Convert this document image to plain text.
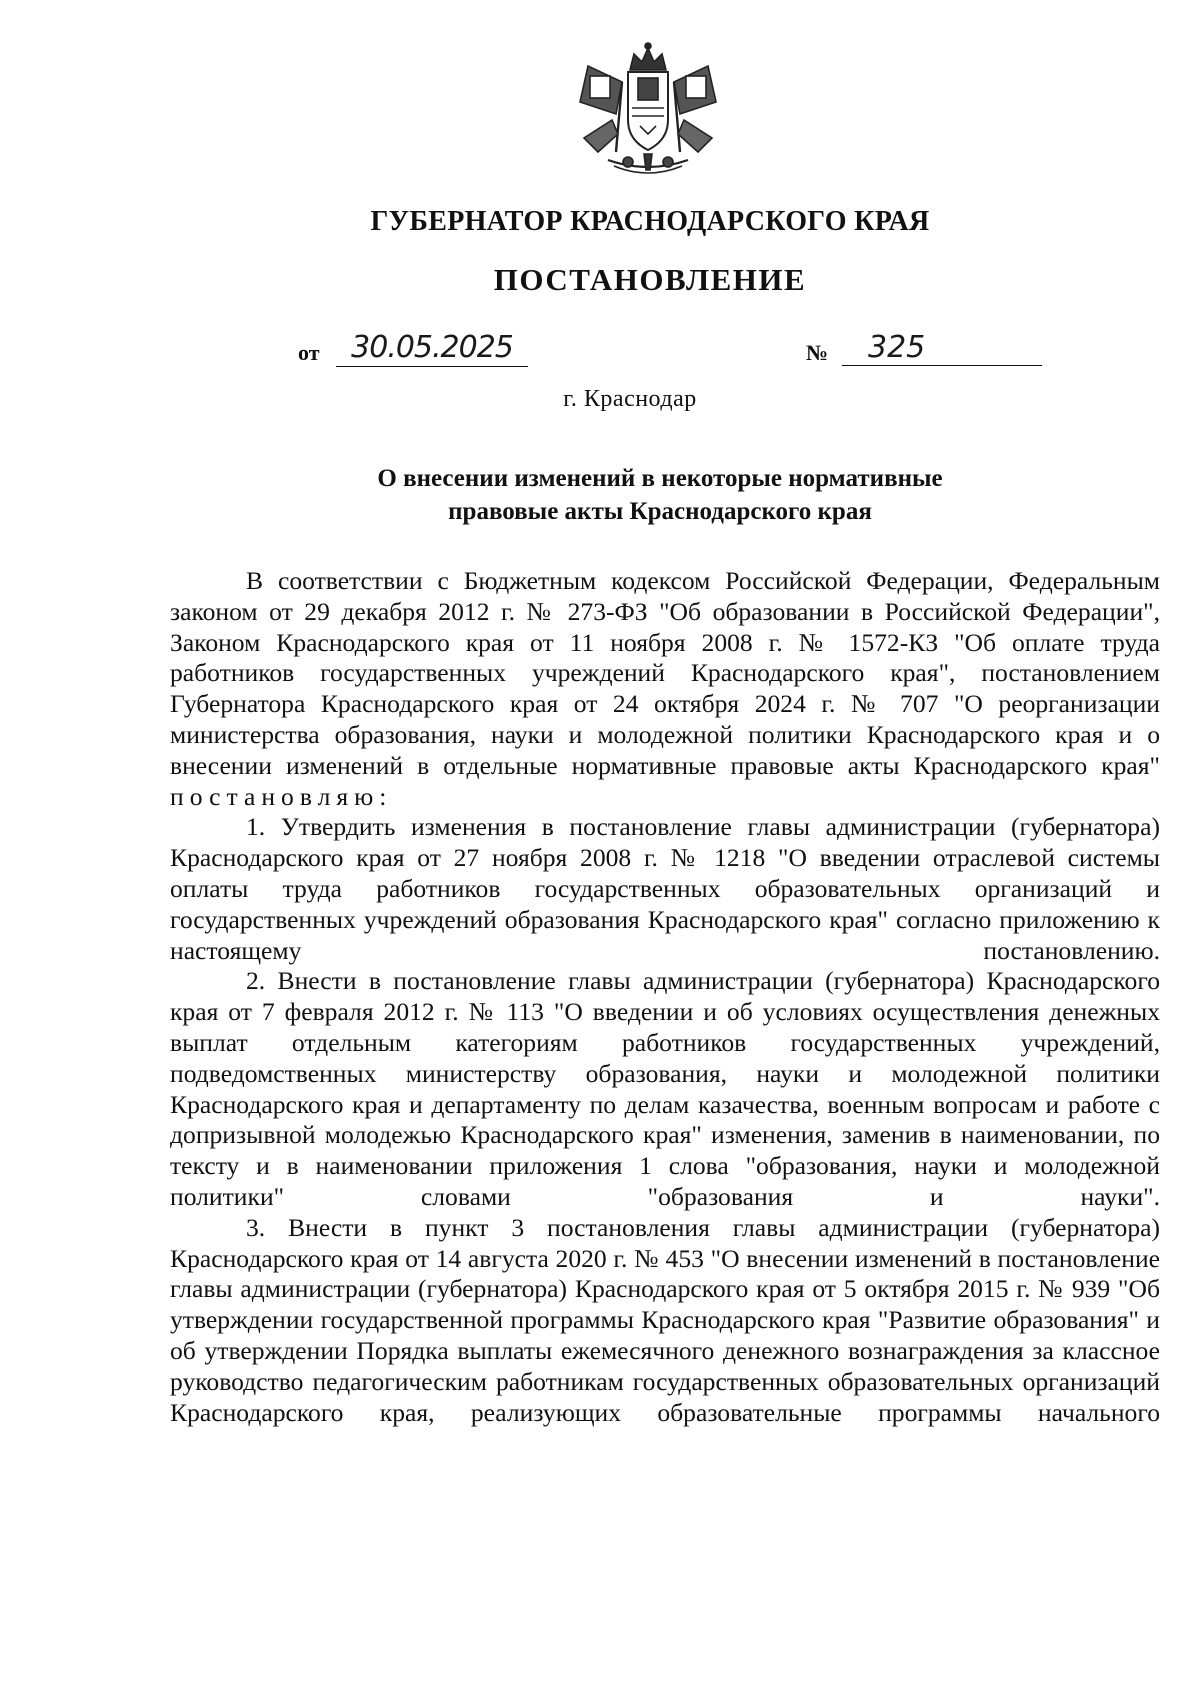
ГУБЕРНАТОР КРАСНОДАРСКОГО КРАЯ
ПОСТАНОВЛЕНИЕ
от	30.05.2025	№	325
г. Краснодар
О внесении изменений в некоторые нормативные
правовые акты Краснодарского края

В соответствии с Бюджетным кодексом Российской Федерации, Федеральным законом от 29 декабря 2012 г. № 273-ФЗ "Об образовании в Российской Федерации", Законом Краснодарского края от 11 ноября 2008 г. № 1572-КЗ "Об оплате труда работников государственных учреждений Краснодарского края", постановлением Губернатора Краснодарского края от 24 октября 2024 г. № 707 "О реорганизации министерства образования, науки и молодежной политики Краснодарского края и о внесении изменений в отдельные нормативные правовые акты Краснодарского края"

постановляю:

1. Утвердить изменения в постановление главы администрации (губернатора) Краснодарского края от 27 ноября 2008 г. № 1218 "О введении отраслевой системы оплаты труда работников государственных образовательных организаций и государственных учреждений образования Краснодарского края" согласно приложению к настоящему постановлению.

2. Внести в постановление главы администрации (губернатора) Краснодарского края от 7 февраля 2012 г. № 113 "О введении и об условиях осуществления денежных выплат отдельным категориям работников государственных учреждений, подведомственных министерству образования, науки и молодежной политики Краснодарского края и департаменту по делам казачества, военным вопросам и работе с допризывной молодежью Краснодарского края" изменения, заменив в наименовании, по тексту и в наименовании приложения 1 слова "образования, науки и молодежной политики" словами "образования и науки".

3. Внести в пункт 3 постановления главы администрации (губернатора) Краснодарского края от 14 августа 2020 г. № 453 "О внесении изменений в постановление главы администрации (губернатора) Краснодарского края от 5 октября 2015 г. № 939 "Об утверждении государственной программы Краснодарского края "Развитие образования" и об утверждении Порядка выплаты ежемесячного денежного вознаграждения за классное руководство педагогическим работникам государственных образовательных организаций Краснодарского края, реализующих образовательные программы начального
